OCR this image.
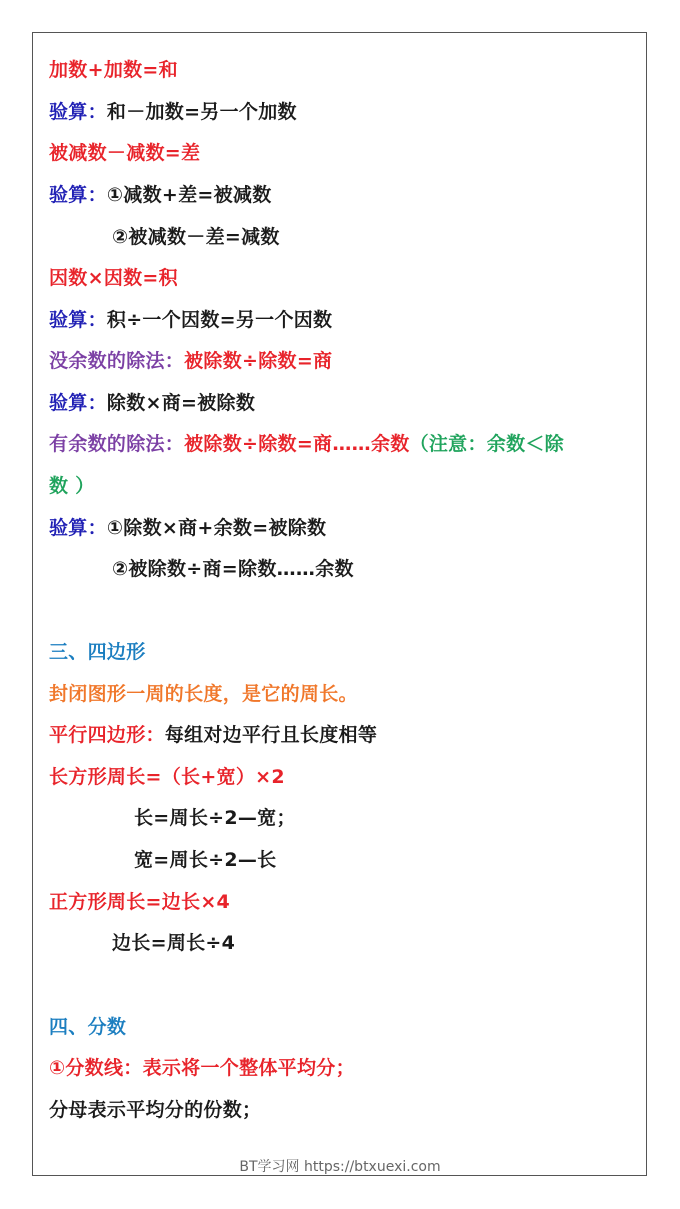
加数+加数=和
验算：和－加数=另一个加数
被减数－减数=差
验算：①减数+差=被减数
②被减数－差=减数
因数×因数=积
验算：积÷一个因数=另一个因数
没余数的除法：被除数÷除数=商
验算：除数×商=被除数
有余数的除法：被除数÷除数=商……余数（注意：余数＜除
数 ）
验算：①除数×商+余数=被除数
②被除数÷商=除数……余数
三、四边形
封闭图形一周的长度，是它的周长。
平行四边形：每组对边平行且长度相等
长方形周长=（长+宽）×2
长=周长÷2—宽；
宽=周长÷2—长
正方形周长=边长×4
边长=周长÷4
四、分数
①分数线：表示将一个整体平均分；
分母表示平均分的份数；
BT学习网 https://btxuexi.com
